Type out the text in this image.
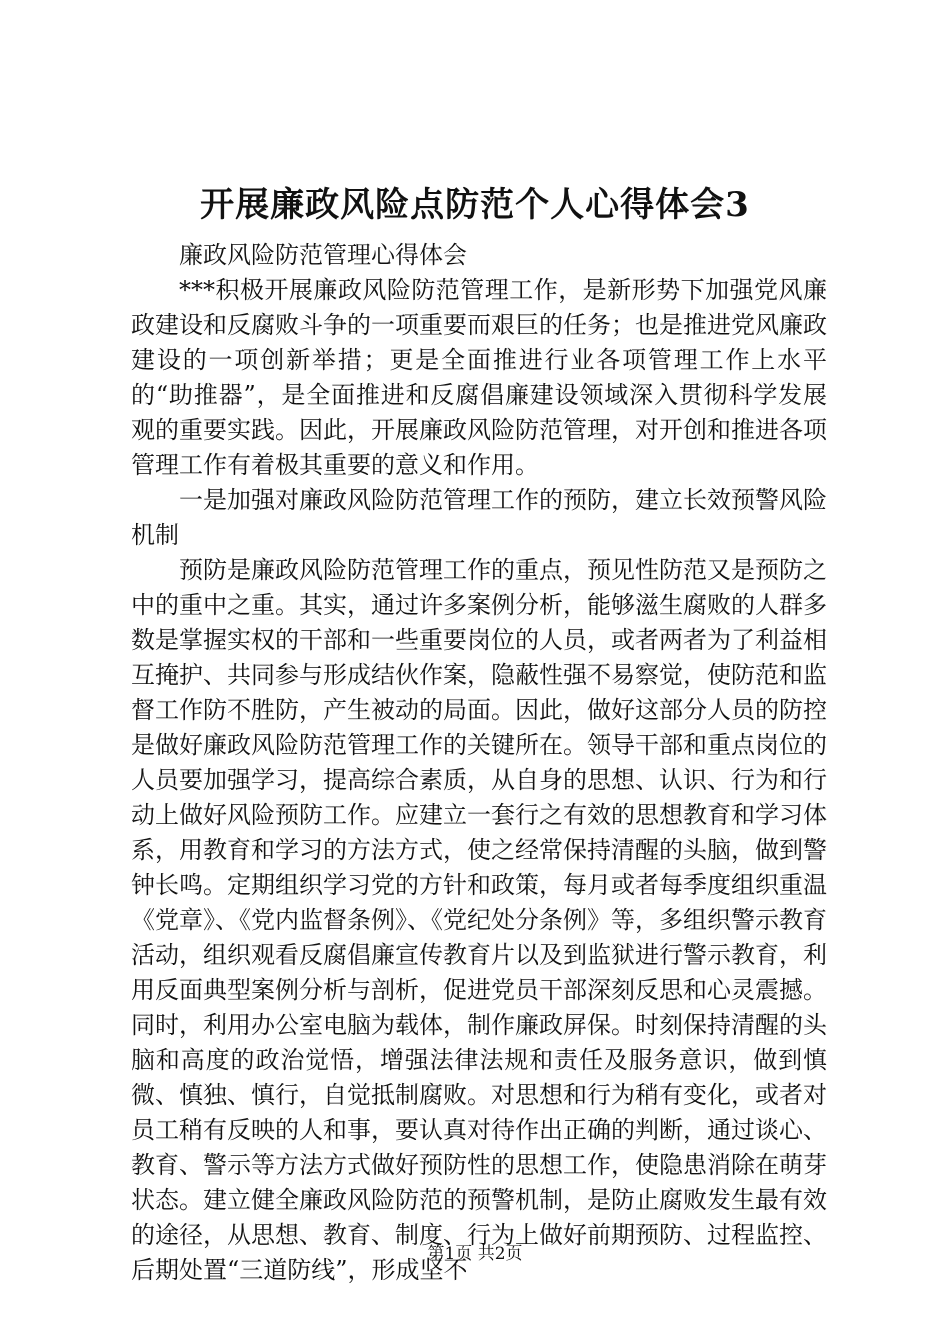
开展廉政风险点防范个人心得体会3

廉政风险防范管理心得体会

***积极开展廉政风险防范管理工作，是新形势下加强党风廉政建设和反腐败斗争的一项重要而艰巨的任务；也是推进党风廉政建设的一项创新举措；更是全面推进行业各项管理工作上水平的“助推器”，是全面推进和反腐倡廉建设领域深入贯彻科学发展观的重要实践。因此，开展廉政风险防范管理，对开创和推进各项管理工作有着极其重要的意义和作用。

一是加强对廉政风险防范管理工作的预防，建立长效预警风险机制

预防是廉政风险防范管理工作的重点，预见性防范又是预防之中的重中之重。其实，通过许多案例分析，能够滋生腐败的人群多数是掌握实权的干部和一些重要岗位的人员，或者两者为了利益相互掩护、共同参与形成结伙作案，隐蔽性强不易察觉，使防范和监督工作防不胜防，产生被动的局面。因此，做好这部分人员的防控是做好廉政风险防范管理工作的关键所在。领导干部和重点岗位的人员要加强学习，提高综合素质，从自身的思想、认识、行为和行动上做好风险预防工作。应建立一套行之有效的思想教育和学习体系，用教育和学习的方法方式，使之经常保持清醒的头脑，做到警钟长鸣。定期组织学习党的方针和政策，每月或者每季度组织重温《党章》、《党内监督条例》、《党纪处分条例》等，多组织警示教育活动，组织观看反腐倡廉宣传教育片以及到监狱进行警示教育，利用反面典型案例分析与剖析，促进党员干部深刻反思和心灵震撼。同时，利用办公室电脑为载体，制作廉政屏保。时刻保持清醒的头脑和高度的政治觉悟，增强法律法规和责任及服务意识，做到慎微、慎独、慎行，自觉抵制腐败。对思想和行为稍有变化，或者对员工稍有反映的人和事，要认真对待作出正确的判断，通过谈心、教育、警示等方法方式做好预防性的思想工作，使隐患消除在萌芽状态。建立健全廉政风险防范的预警机制，是防止腐败发生最有效的途径，从思想、教育、制度、行为上做好前期预防、过程监控、后期处置“三道防线”，形成坚不

第1页 共2页
